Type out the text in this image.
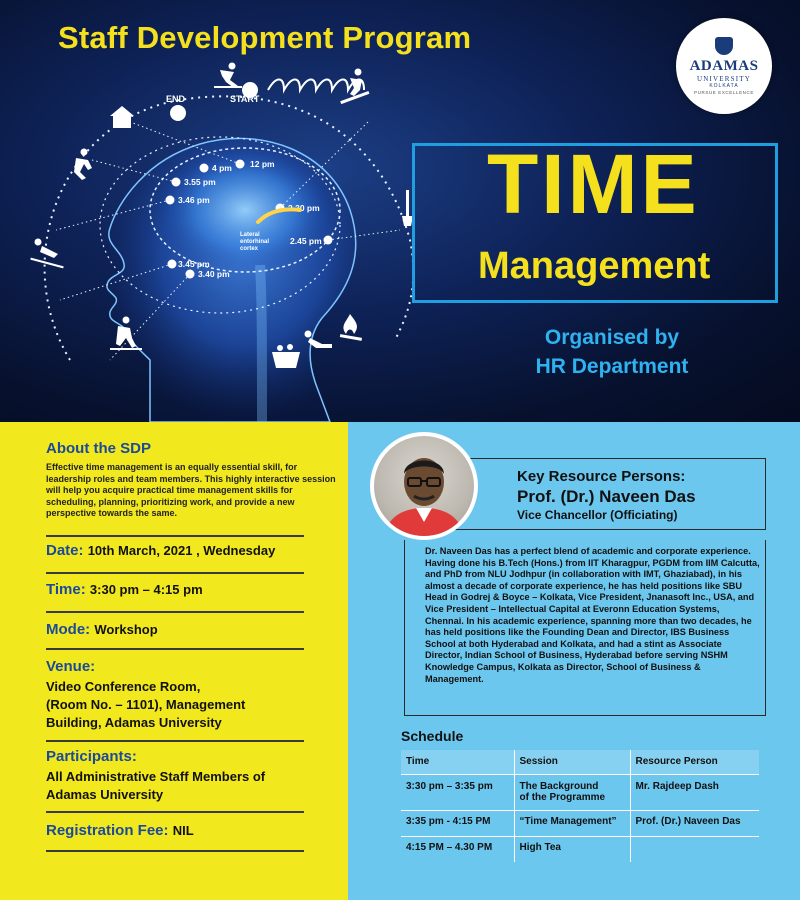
END	START
12 pm
4 pm
3.55 pm
3.46 pm
2.30 pm
2.45 pm
3.45 pm
3.40 pm
Lateral
entorhinal
cortex
Staff Development Program
ADAMAS
UNIVERSITY
KOLKATA
PURSUE EXCELLENCE
TIME
Management
Organised by
HR Department
About the SDP
Effective time management is an equally essential skill, for leadership roles and team members. This highly interactive session will help you acquire practical time management skills for scheduling, planning, prioritizing work, and provide a new perspective towards the same.
Date: 10th March, 2021 , Wednesday
Time: 3:30 pm – 4:15 pm
Mode: Workshop
Venue:
Video Conference Room,
(Room No. – 1101), Management
Building, Adamas University
Participants:
All Administrative Staff Members of
Adamas University
Registration Fee: NIL
Key Resource Persons:
Prof. (Dr.) Naveen Das
Vice Chancellor (Officiating)
Dr. Naveen Das has a perfect blend of academic and corporate experience. Having done his B.Tech (Hons.) from IIT Kharagpur, PGDM from IIM Calcutta, and PhD from NLU Jodhpur (in collaboration with IMT, Ghaziabad), in his almost a decade of corporate experience, he has held positions like SBU Head in Godrej & Boyce – Kolkata, Vice President, Jnanasoft Inc., USA, and Vice President – Intellectual Capital at Everonn Education Systems, Chennai. In his academic experience, spanning more than two decades, he has held positions like the Founding Dean and Director, IBS Business School at both Hyderabad and Kolkata, and had a stint as Associate Director, Indian School of Business, Hyderabad before serving NSHM Knowledge Campus, Kolkata as Director, School of Business & Management.
Schedule
Time	Session	Resource Person
3:30 pm – 3:35 pm	The Background
of the Programme	Mr. Rajdeep Dash
3:35 pm - 4:15 PM	“Time Management”	Prof. (Dr.) Naveen Das
4:15 PM – 4.30 PM	High Tea	
